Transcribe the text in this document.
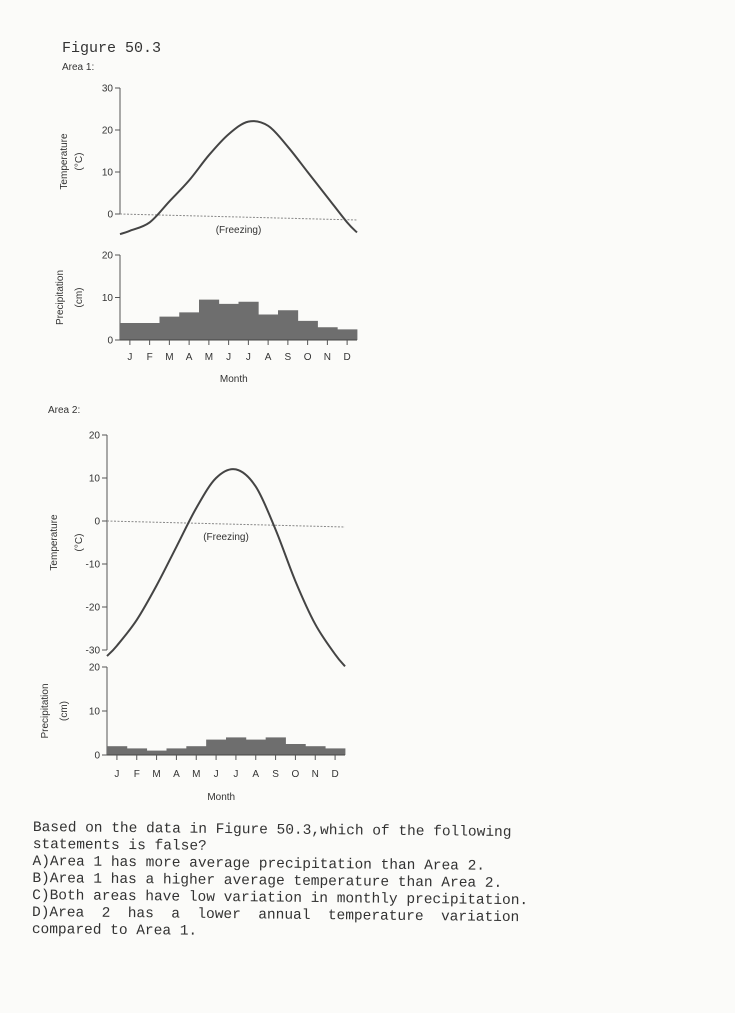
Figure 50.3
Area 1:
Area 2:
0
10
20
30
(Freezing)
Temperature (°C)
0
10
20
J F M A M J J A S O N D
Month
Precipitation (cm)
-30
-20
-10
0
10
20
(Freezing)
Temperature (°C)
0
10
20
J F M A M J J A S O N D
Month
Precipitation (cm)
Based on the data in Figure 50.3,which of the following
statements is false?
A)Area 1 has more average precipitation than Area 2.
B)Area 1 has a higher average temperature than Area 2.
C)Both areas have low variation in monthly precipitation.
D)Area  2  has  a  lower  annual  temperature  variation
compared to Area 1.
